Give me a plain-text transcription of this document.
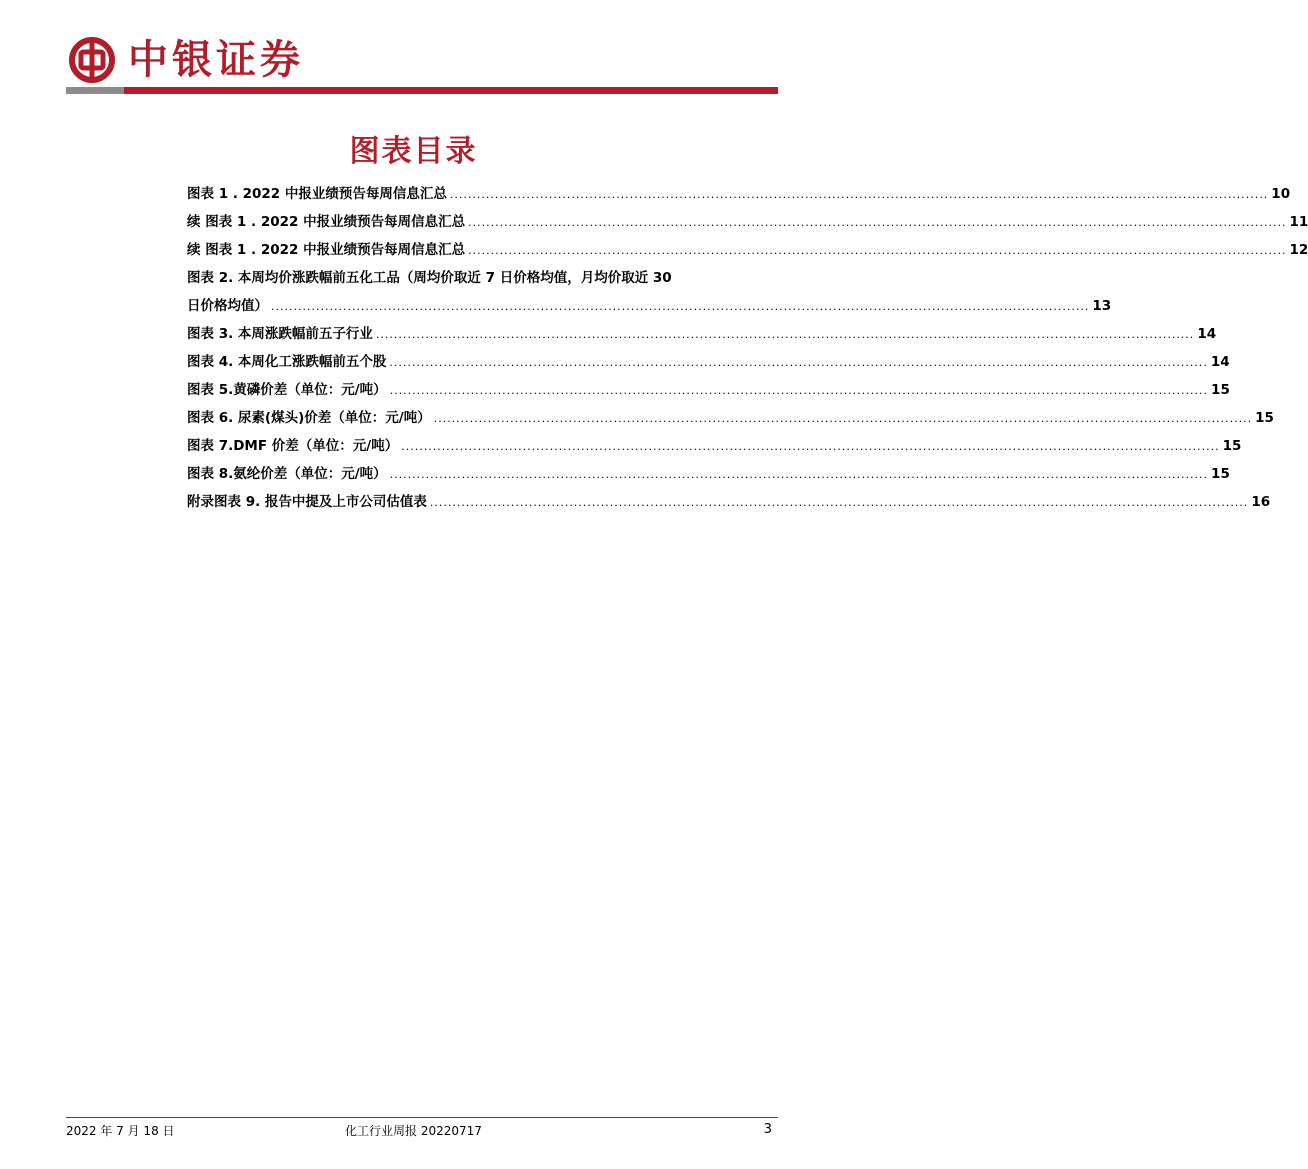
中银证券
图表目录
图表 1 . 2022 中报业绩预告每周信息汇总 ...................................................................................................................................................................................... 10
续 图表 1 . 2022 中报业绩预告每周信息汇总 ...................................................................................................................................................................................... 11
续 图表 1 . 2022 中报业绩预告每周信息汇总 ...................................................................................................................................................................................... 12
图表 2. 本周均价涨跌幅前五化工品（周均价取近 7 日价格均值，月均价取近 30
日价格均值） ...................................................................................................................................................................................... 13
图表 3. 本周涨跌幅前五子行业 ...................................................................................................................................................................................... 14
图表 4. 本周化工涨跌幅前五个股 ...................................................................................................................................................................................... 14
图表 5.黄磷价差（单位：元/吨） ...................................................................................................................................................................................... 15
图表 6. 尿素(煤头)价差（单位：元/吨） ...................................................................................................................................................................................... 15
图表 7.DMF 价差（单位：元/吨） ...................................................................................................................................................................................... 15
图表 8.氨纶价差（单位：元/吨） ...................................................................................................................................................................................... 15
附录图表 9. 报告中提及上市公司估值表 ...................................................................................................................................................................................... 16
2022 年 7 月 18 日	化工行业周报 20220717	3
